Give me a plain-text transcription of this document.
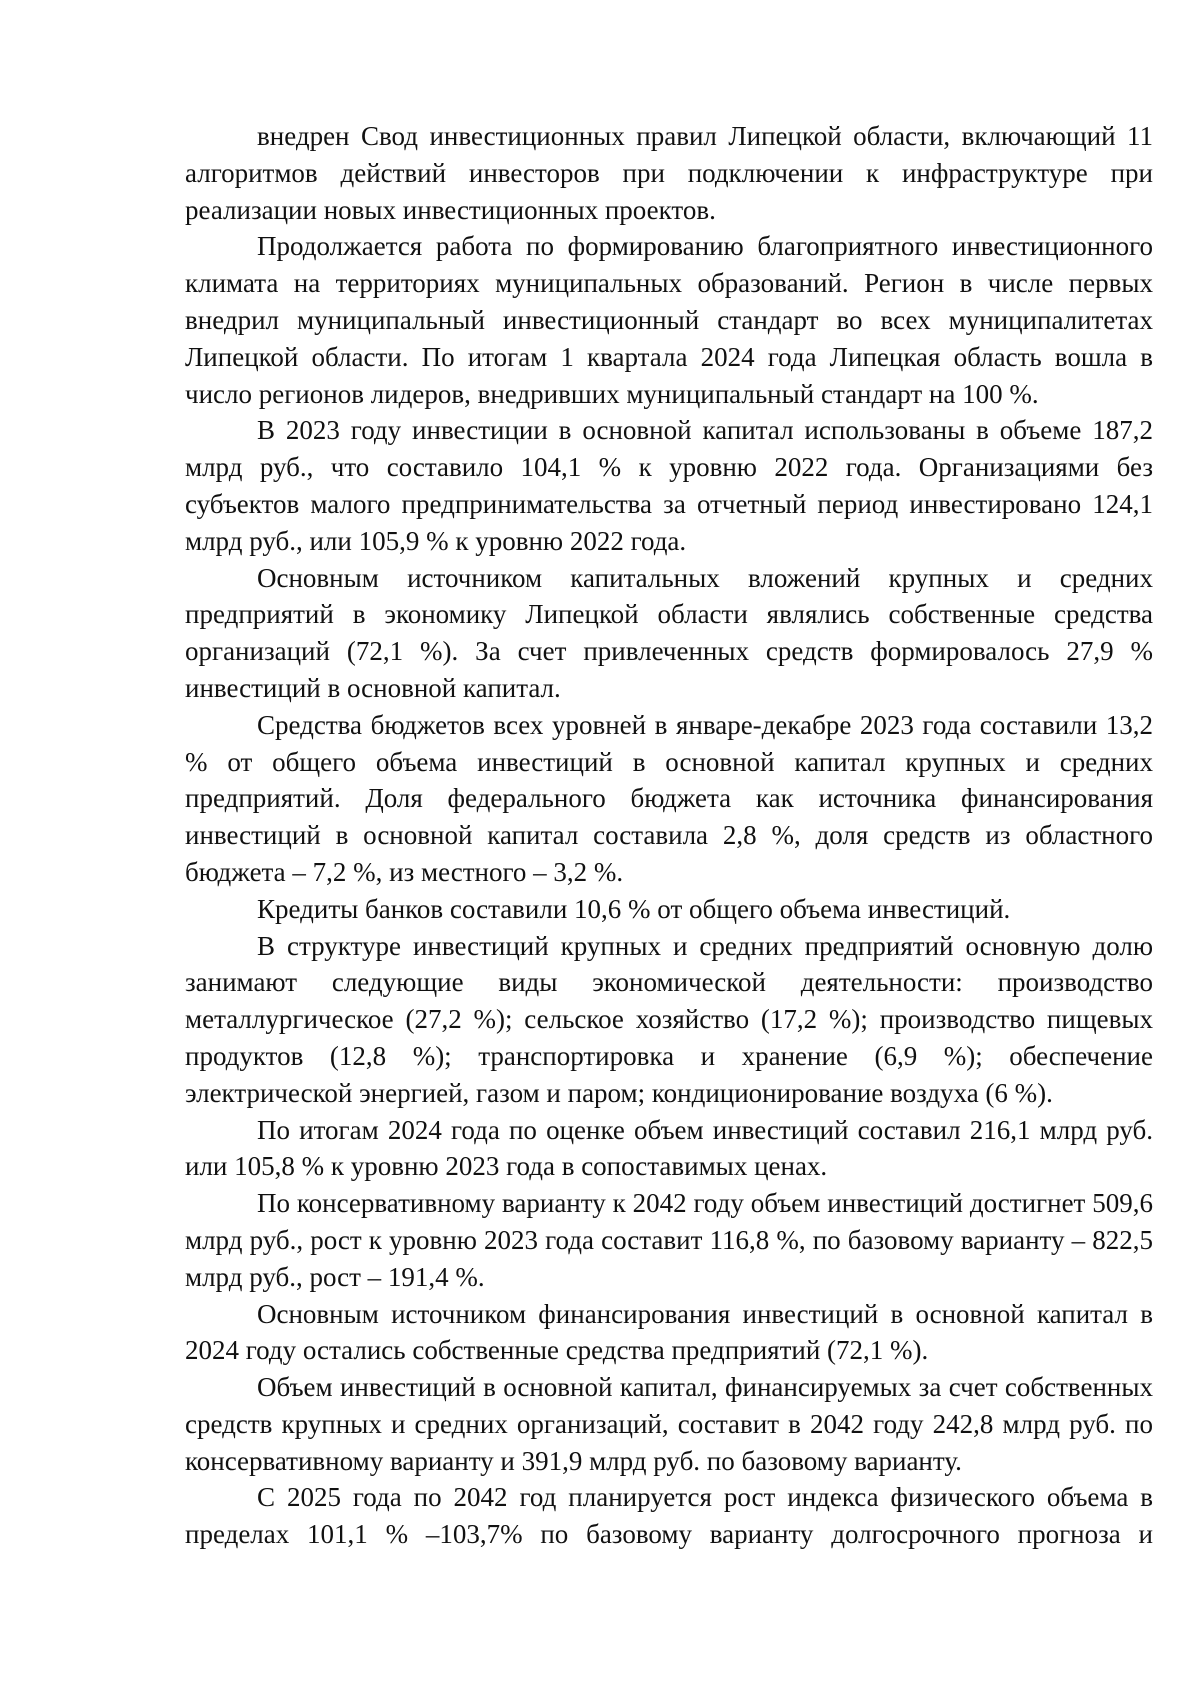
внедрен Свод инвестиционных правил Липецкой области, включающий 11 алгоритмов действий инвесторов при подключении к инфраструктуре при реализации новых инвестиционных проектов.

Продолжается работа по формированию благоприятного инвестиционного климата на территориях муниципальных образований. Регион в числе первых внедрил муниципальный инвестиционный стандарт во всех муниципалитетах Липецкой области. По итогам 1 квартала 2024 года Липецкая область вошла в число регионов лидеров, внедривших муниципальный стандарт на 100 %.

В 2023 году инвестиции в основной капитал использованы в объеме 187,2 млрд руб., что составило 104,1 % к уровню 2022 года. Организациями без субъектов малого предпринимательства за отчетный период инвестировано 124,1 млрд руб., или 105,9 % к уровню 2022 года.

Основным источником капитальных вложений крупных и средних предприятий в экономику Липецкой области являлись собственные средства организаций (72,1 %). За счет привлеченных средств формировалось 27,9 % инвестиций в основной капитал.

Средства бюджетов всех уровней в январе-декабре 2023 года составили 13,2 % от общего объема инвестиций в основной капитал крупных и средних предприятий. Доля федерального бюджета как источника финансирования инвестиций в основной капитал составила 2,8 %, доля средств из областного бюджета – 7,2 %, из местного – 3,2 %.

Кредиты банков составили 10,6 % от общего объема инвестиций.

В структуре инвестиций крупных и средних предприятий основную долю занимают следующие виды экономической деятельности: производство металлургическое (27,2 %); сельское хозяйство (17,2 %); производство пищевых продуктов (12,8 %); транспортировка и хранение (6,9 %); обеспечение электрической энергией, газом и паром; кондиционирование воздуха (6 %).

По итогам 2024 года по оценке объем инвестиций составил 216,1 млрд руб. или 105,8 % к уровню 2023 года в сопоставимых ценах.

По консервативному варианту к 2042 году объем инвестиций достигнет 509,6 млрд руб., рост к уровню 2023 года составит 116,8 %, по базовому варианту – 822,5 млрд руб., рост – 191,4 %.

Основным источником финансирования инвестиций в основной капитал в 2024 году остались собственные средства предприятий (72,1 %).

Объем инвестиций в основной капитал, финансируемых за счет собственных средств крупных и средних организаций, составит в 2042 году 242,8 млрд руб. по консервативному варианту и 391,9 млрд руб. по базовому варианту.

С 2025 года по 2042 год планируется рост индекса физического объема в пределах 101,1 % –103,7% по базовому варианту долгосрочного прогноза и
